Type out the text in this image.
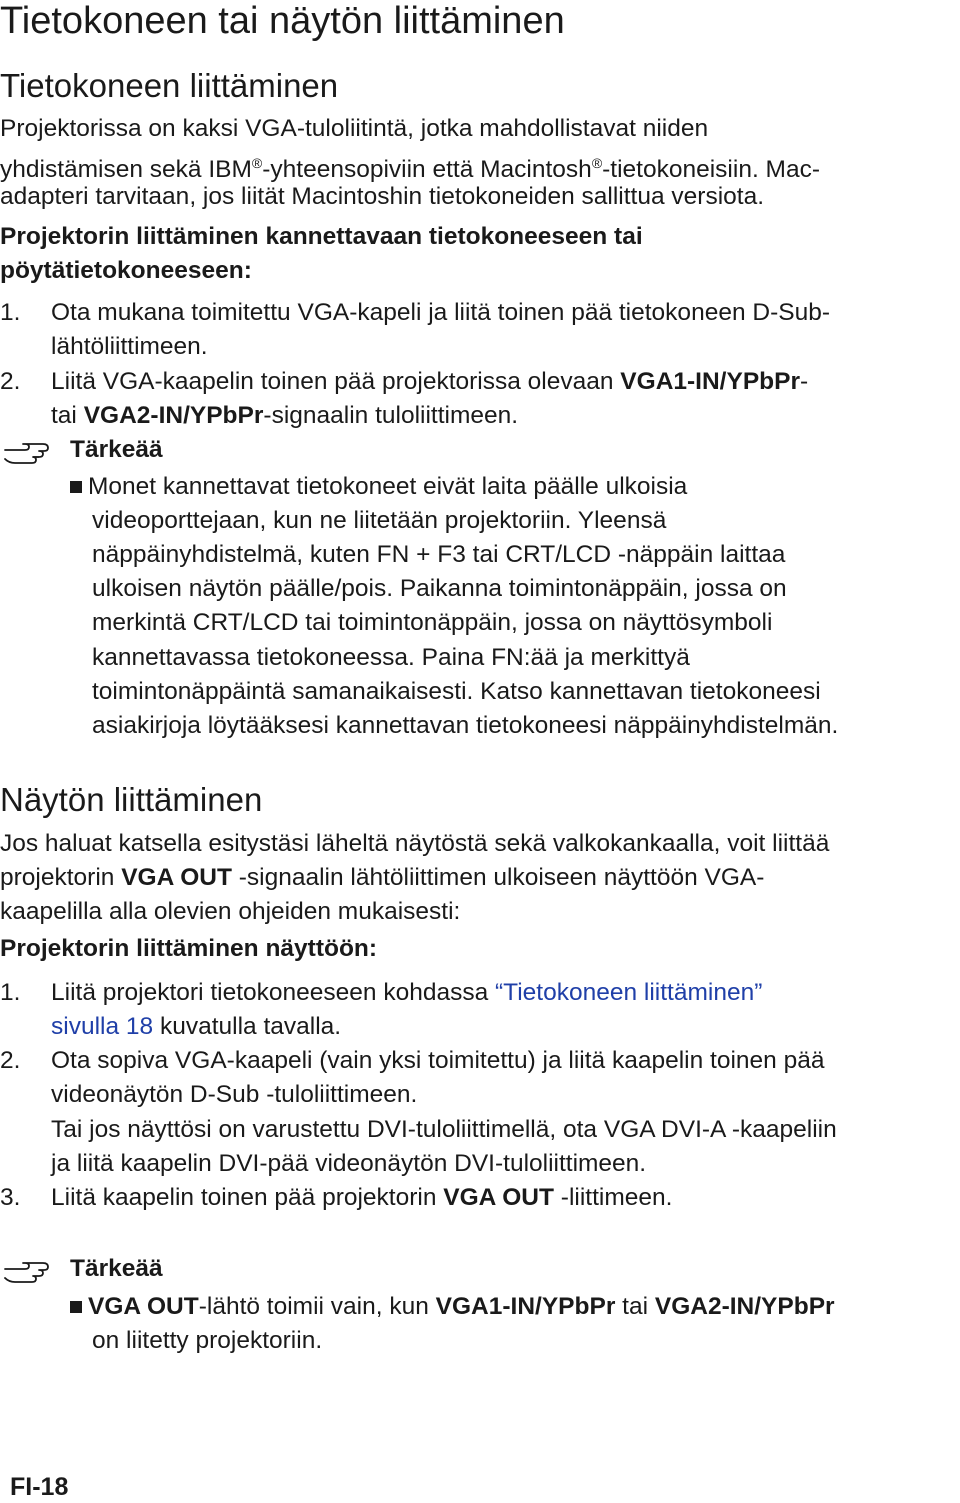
Tietokoneen tai näytön liittäminen
Tietokoneen liittäminen
Projektorissa on kaksi VGA-tuloliitintä, jotka mahdollistavat niiden
yhdistämisen sekä IBM®-yhteensopiviin että Macintosh®-tietokoneisiin. Mac-
adapteri tarvitaan, jos liität Macintoshin tietokoneiden sallittua versiota.
Projektorin liittäminen kannettavaan tietokoneeseen tai
pöytätietokoneeseen:
1. Ota mukana toimitettu VGA-kapeli ja liitä toinen pää tietokoneen D-Sub-
lähtöliittimeen.
2. Liitä VGA-kaapelin toinen pää projektorissa olevaan VGA1-IN/YPbPr-
tai VGA2-IN/YPbPr-signaalin tuloliittimeen.
Tärkeää
Monet kannettavat tietokoneet eivät laita päälle ulkoisia
videoporttejaan, kun ne liitetään projektoriin. Yleensä
näppäinyhdistelmä, kuten FN + F3 tai CRT/LCD -näppäin laittaa
ulkoisen näytön päälle/pois. Paikanna toimintonäppäin, jossa on
merkintä CRT/LCD tai toimintonäppäin, jossa on näyttösymboli
kannettavassa tietokoneessa. Paina FN:ää ja merkittyä
toimintonäppäintä samanaikaisesti. Katso kannettavan tietokoneesi
asiakirjoja löytääksesi kannettavan tietokoneesi näppäinyhdistelmän.
Näytön liittäminen
Jos haluat katsella esitystäsi läheltä näytöstä sekä valkokankaalla, voit liittää
projektorin VGA OUT -signaalin lähtöliittimen ulkoiseen näyttöön VGA-
kaapelilla alla olevien ohjeiden mukaisesti:
Projektorin liittäminen näyttöön:
1. Liitä projektori tietokoneeseen kohdassa “Tietokoneen liittäminen”
sivulla 18 kuvatulla tavalla.
2. Ota sopiva VGA-kaapeli (vain yksi toimitettu) ja liitä kaapelin toinen pää
videonäytön D-Sub -tuloliittimeen.
Tai jos näyttösi on varustettu DVI-tuloliittimellä, ota VGA DVI-A -kaapeliin
ja liitä kaapelin DVI-pää videonäytön DVI-tuloliittimeen.
3. Liitä kaapelin toinen pää projektorin VGA OUT -liittimeen.
Tärkeää
VGA OUT-lähtö toimii vain, kun VGA1-IN/YPbPr tai VGA2-IN/YPbPr
on liitetty projektoriin.
FI-18
